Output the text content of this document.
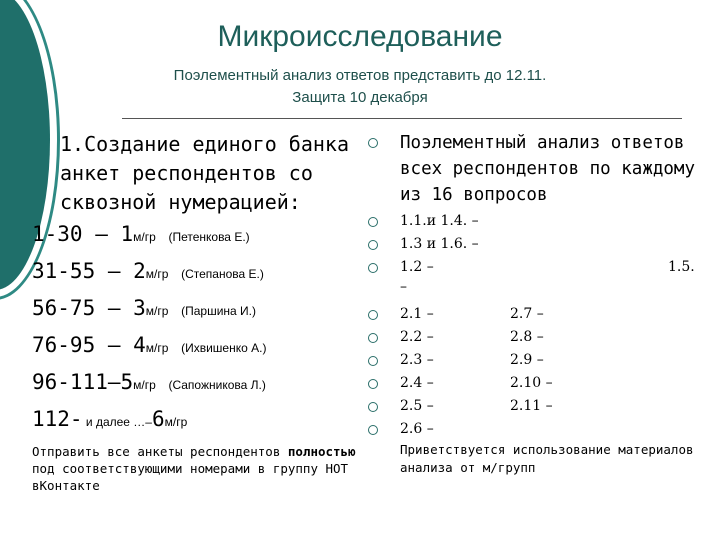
Микроисследование
Поэлементный анализ ответов представить до 12.11.
Защита 10 декабря
1.Создание единого банка анкет респондентов со сквозной нумерацией:
1-30 – 1м/гр (Петенкова Е.)
31-55 – 2м/гр (Степанова Е.)
56-75 – 3м/гр (Паршина И.)
76-95 – 4м/гр (Ихвишенко А.)
96-111–5м/гр (Сапожникова Л.)
112- и далее …–6м/гр
Отправить все анкеты респондентов полностью под соответствующими номерами в группу НОТ вКонтакте
Поэлементный анализ ответов всех респондентов по каждому из 16 вопросов
1.1.и 1.4. –
1.3 и 1.6. –
1.2 –	1.5.
–
2.1 –	2.7 –
2.2 –	2.8 –
2.3 –	2.9 –
2.4 –	2.10 –
2.5 –	2.11 –
2.6 –
Приветствуется использование материалов анализа от м/групп
